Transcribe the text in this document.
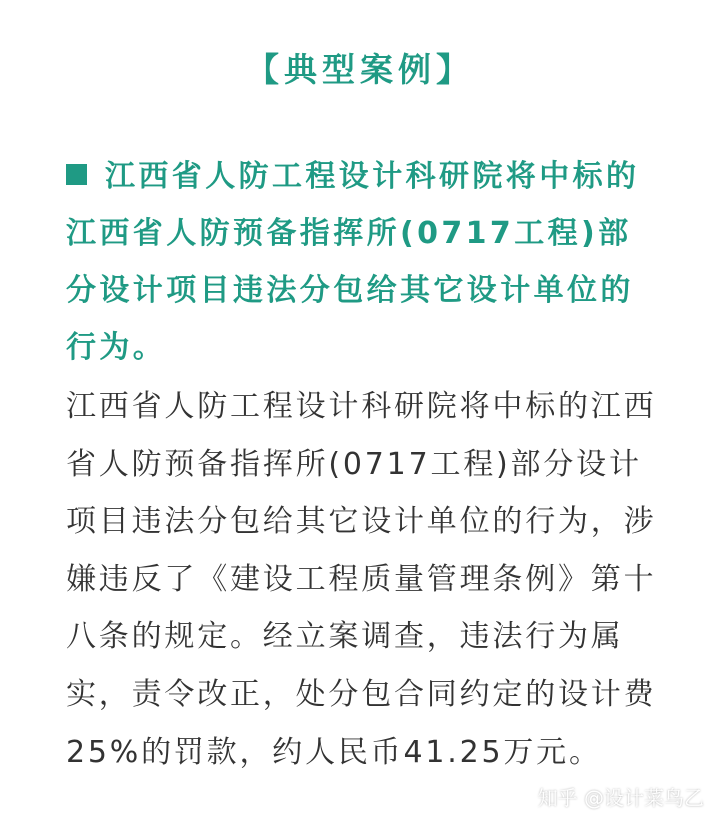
【典型案例】

江西省人防工程设计科研院将中标的江西省人防预备指挥所(0717工程)部分设计项目违法分包给其它设计单位的行为。

江西省人防工程设计科研院将中标的江西省人防预备指挥所(0717工程)部分设计项目违法分包给其它设计单位的行为，涉嫌违反了《建设工程质量管理条例》第十八条的规定。经立案调查，违法行为属实，责令改正，处分包合同约定的设计费25%的罚款，约人民币41.25万元。

知乎 @设计菜鸟乙
